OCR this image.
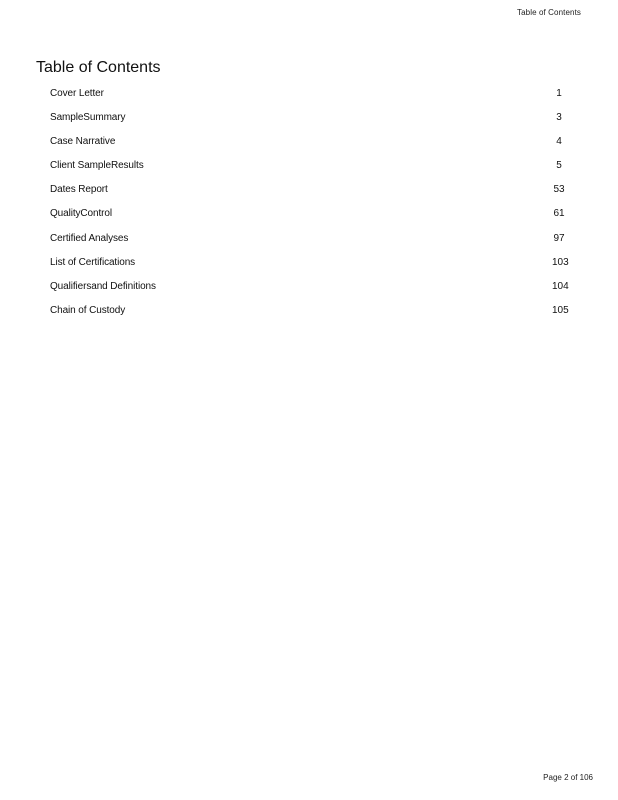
Table of Contents
Table of Contents
Cover Letter	1
SampleSummary	3
Case Narrative	4
Client SampleResults	5
Dates Report	53
QualityControl	61
Certified Analyses	97
List of Certifications	103
Qualifiersand Definitions	104
Chain of Custody	105
Page 2 of 106
